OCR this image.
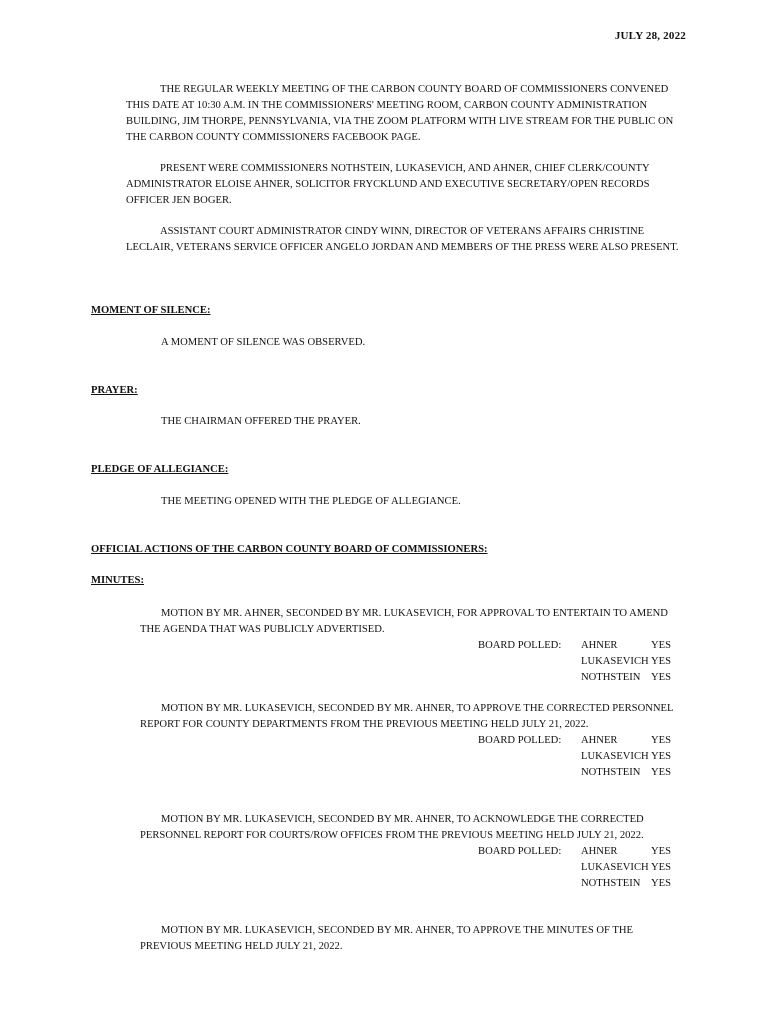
JULY 28, 2022
THE REGULAR WEEKLY MEETING OF THE CARBON COUNTY BOARD OF COMMISSIONERS CONVENED THIS DATE AT 10:30 A.M. IN THE COMMISSIONERS' MEETING ROOM, CARBON COUNTY ADMINISTRATION BUILDING, JIM THORPE, PENNSYLVANIA, VIA THE ZOOM PLATFORM WITH LIVE STREAM FOR THE PUBLIC ON THE CARBON COUNTY COMMISSIONERS FACEBOOK PAGE.
PRESENT WERE COMMISSIONERS NOTHSTEIN, LUKASEVICH, AND AHNER, CHIEF CLERK/COUNTY ADMINISTRATOR ELOISE AHNER, SOLICITOR FRYCKLUND AND EXECUTIVE SECRETARY/OPEN RECORDS OFFICER JEN BOGER.
ASSISTANT COURT ADMINISTRATOR CINDY WINN, DIRECTOR OF VETERANS AFFAIRS CHRISTINE LECLAIR, VETERANS SERVICE OFFICER ANGELO JORDAN AND MEMBERS OF THE PRESS WERE ALSO PRESENT.
MOMENT OF SILENCE:
A MOMENT OF SILENCE WAS OBSERVED.
PRAYER:
THE CHAIRMAN OFFERED THE PRAYER.
PLEDGE OF ALLEGIANCE:
THE MEETING OPENED WITH THE PLEDGE OF ALLEGIANCE.
OFFICIAL ACTIONS OF THE CARBON COUNTY BOARD OF COMMISSIONERS:
MINUTES:
MOTION BY MR. AHNER, SECONDED BY MR. LUKASEVICH, FOR APPROVAL TO ENTERTAIN TO AMEND THE AGENDA THAT WAS PUBLICLY ADVERTISED.
BOARD POLLED: AHNER	YES
LUKASEVICH YES
NOTHSTEIN YES
MOTION BY MR. LUKASEVICH, SECONDED BY MR. AHNER, TO APPROVE THE CORRECTED PERSONNEL REPORT FOR COUNTY DEPARTMENTS FROM THE PREVIOUS MEETING HELD JULY 21, 2022.
BOARD POLLED: AHNER	YES
LUKASEVICH YES
NOTHSTEIN YES
MOTION BY MR. LUKASEVICH, SECONDED BY MR. AHNER, TO ACKNOWLEDGE THE CORRECTED PERSONNEL REPORT FOR COURTS/ROW OFFICES FROM THE PREVIOUS MEETING HELD JULY 21, 2022.
BOARD POLLED: AHNER	YES
LUKASEVICH YES
NOTHSTEIN YES
MOTION BY MR. LUKASEVICH, SECONDED BY MR. AHNER, TO APPROVE THE MINUTES OF THE PREVIOUS MEETING HELD JULY 21, 2022.
